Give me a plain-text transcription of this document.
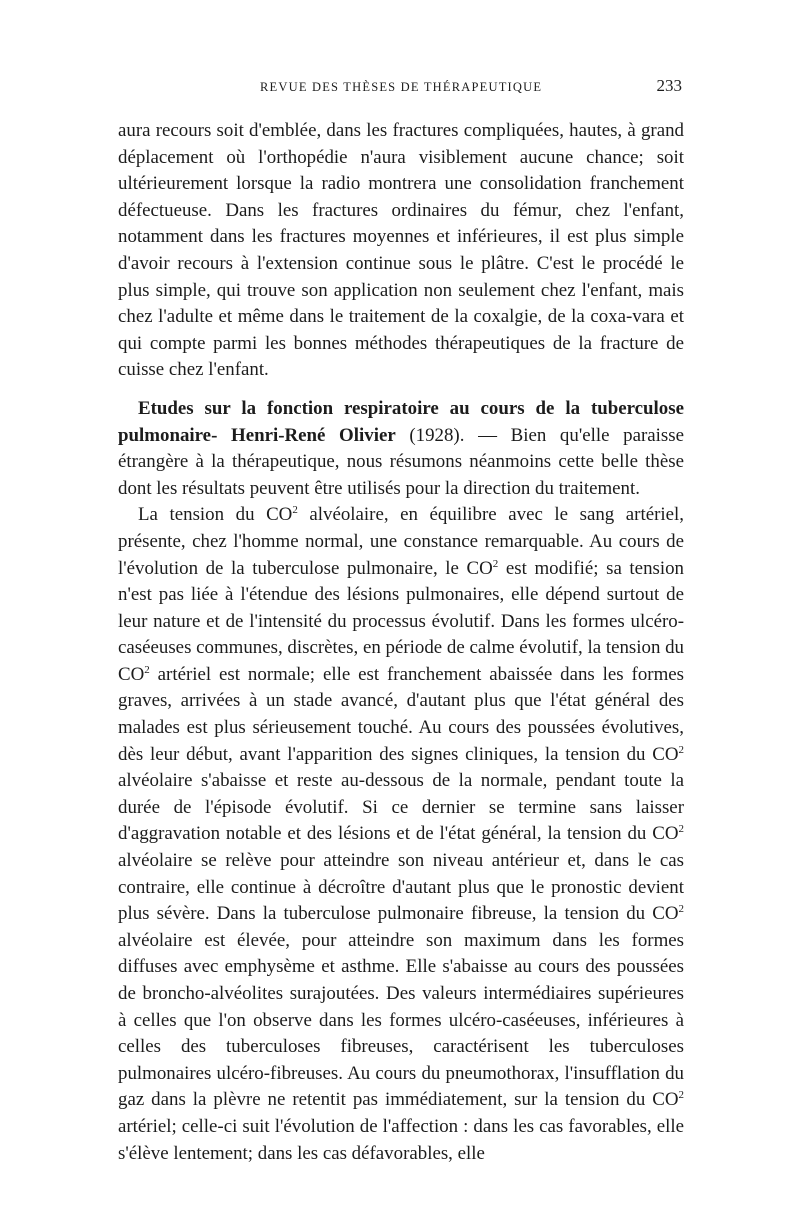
REVUE DES THÈSES DE THÉRAPEUTIQUE	233

aura recours soit d'emblée, dans les fractures compliquées, hautes, à grand déplacement où l'orthopédie n'aura visiblement aucune chance; soit ultérieurement lorsque la radio montrera une consolidation franchement défectueuse. Dans les fractures ordinaires du fémur, chez l'enfant, notamment dans les fractures moyennes et inférieures, il est plus simple d'avoir recours à l'extension continue sous le plâtre. C'est le procédé le plus simple, qui trouve son application non seulement chez l'enfant, mais chez l'adulte et même dans le traitement de la coxalgie, de la coxa-vara et qui compte parmi les bonnes méthodes thérapeutiques de la fracture de cuisse chez l'enfant.

Etudes sur la fonction respiratoire au cours de la tuberculose pulmonaire- Henri-René Olivier (1928). — Bien qu'elle paraisse étrangère à la thérapeutique, nous résumons néanmoins cette belle thèse dont les résultats peuvent être utilisés pour la direction du traitement.

La tension du $CO^2$ alvéolaire, en équilibre avec le sang artériel, présente, chez l'homme normal, une constance remarquable. Au cours de l'évolution de la tuberculose pulmonaire, le $CO^2$ est modifié; sa tension n'est pas liée à l'étendue des lésions pulmonaires, elle dépend surtout de leur nature et de l'intensité du processus évolutif. Dans les formes ulcéro-caséeuses communes, discrètes, en période de calme évolutif, la tension du $CO^2$ artériel est normale; elle est franchement abaissée dans les formes graves, arrivées à un stade avancé, d'autant plus que l'état général des malades est plus sérieusement touché. Au cours des poussées évolutives, dès leur début, avant l'apparition des signes cliniques, la tension du $CO^2$ alvéolaire s'abaisse et reste au-dessous de la normale, pendant toute la durée de l'épisode évolutif. Si ce dernier se termine sans laisser d'aggravation notable et des lésions et de l'état général, la tension du $CO^2$ alvéolaire se relève pour atteindre son niveau antérieur et, dans le cas contraire, elle continue à décroître d'autant plus que le pronostic devient plus sévère. Dans la tuberculose pulmonaire fibreuse, la tension du $CO^2$ alvéolaire est élevée, pour atteindre son maximum dans les formes diffuses avec emphysème et asthme. Elle s'abaisse au cours des poussées de broncho-alvéolites surajoutées. Des valeurs intermédiaires supérieures à celles que l'on observe dans les formes ulcéro-caséeuses, inférieures à celles des tuberculoses fibreuses, caractérisent les tuberculoses pulmonaires ulcéro-fibreuses. Au cours du pneumothorax, l'insufflation du gaz dans la plèvre ne retentit pas immédiatement, sur la tension du $CO^2$ artériel; celle-ci suit l'évolution de l'affection : dans les cas favorables, elle s'élève lentement; dans les cas défavorables, elle
